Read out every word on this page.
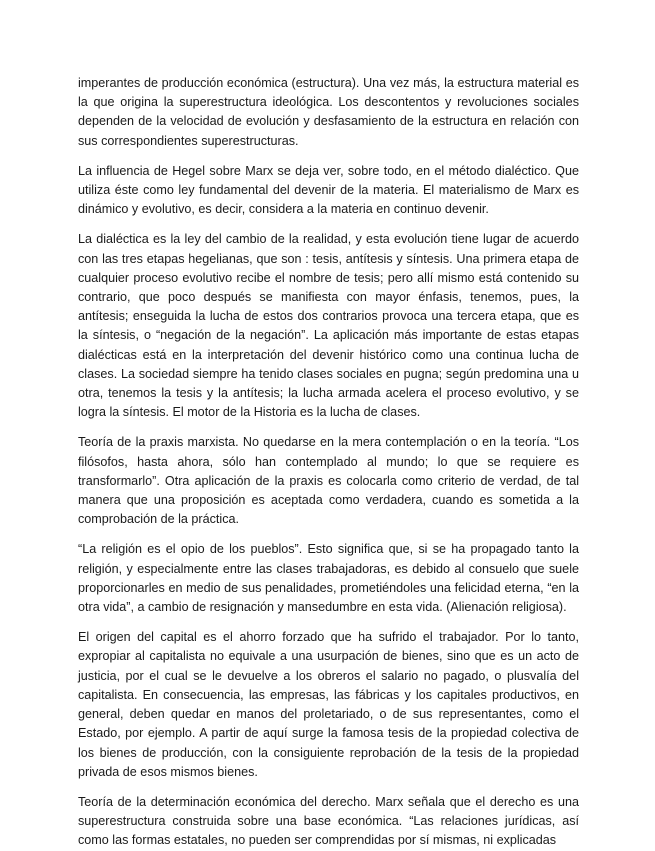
imperantes de producción económica (estructura). Una vez más, la estructura material es la que origina la superestructura ideológica. Los descontentos y revoluciones sociales dependen de la velocidad de evolución y desfasamiento de la estructura en relación con sus correspondientes superestructuras.

La influencia de Hegel sobre Marx se deja ver, sobre todo, en el método dialéctico. Que utiliza éste como ley fundamental del devenir de la materia. El materialismo de Marx es dinámico y evolutivo, es decir, considera a la materia en continuo devenir.

La dialéctica es la ley del cambio de la realidad, y esta evolución tiene lugar de acuerdo con las tres etapas hegelianas, que son : tesis, antítesis y síntesis. Una primera etapa de cualquier proceso evolutivo recibe el nombre de tesis; pero allí mismo está contenido su contrario, que poco después se manifiesta con mayor énfasis, tenemos, pues, la antítesis; enseguida la lucha de estos dos contrarios provoca una tercera etapa, que es la síntesis, o “negación de la negación”. La aplicación más importante de estas etapas dialécticas está en la interpretación del devenir histórico como una continua lucha de clases. La sociedad siempre ha tenido clases sociales en pugna; según predomina una u otra, tenemos la tesis y la antítesis; la lucha armada acelera el proceso evolutivo, y se logra la síntesis. El motor de la Historia es la lucha de clases.

Teoría de la praxis marxista. No quedarse en la mera contemplación o en la teoría. “Los filósofos, hasta ahora, sólo han contemplado al mundo; lo que se requiere es transformarlo”. Otra aplicación de la praxis es colocarla como criterio de verdad, de tal manera que una proposición es aceptada como verdadera, cuando es sometida a la comprobación de la práctica.

“La religión es el opio de los pueblos”. Esto significa que, si se ha propagado tanto la religión, y especialmente entre las clases trabajadoras, es debido al consuelo que suele proporcionarles en medio de sus penalidades, prometiéndoles una felicidad eterna, “en la otra vida”, a cambio de resignación y mansedumbre en esta vida. (Alienación religiosa).

El origen del capital es el ahorro forzado que ha sufrido el trabajador. Por lo tanto, expropiar al capitalista no equivale a una usurpación de bienes, sino que es un acto de justicia, por el cual se le devuelve a los obreros el salario no pagado, o plusvalía del capitalista. En consecuencia, las empresas, las fábricas y los capitales productivos, en general, deben quedar en manos del proletariado, o de sus representantes, como el Estado, por ejemplo. A partir de aquí surge la famosa tesis de la propiedad colectiva de los bienes de producción, con la consiguiente reprobación de la tesis de la propiedad privada de esos mismos bienes.

Teoría de la determinación económica del derecho. Marx señala que el derecho es una superestructura construida sobre una base económica. “Las relaciones jurídicas, así como las formas estatales, no pueden ser comprendidas por sí mismas, ni explicadas
